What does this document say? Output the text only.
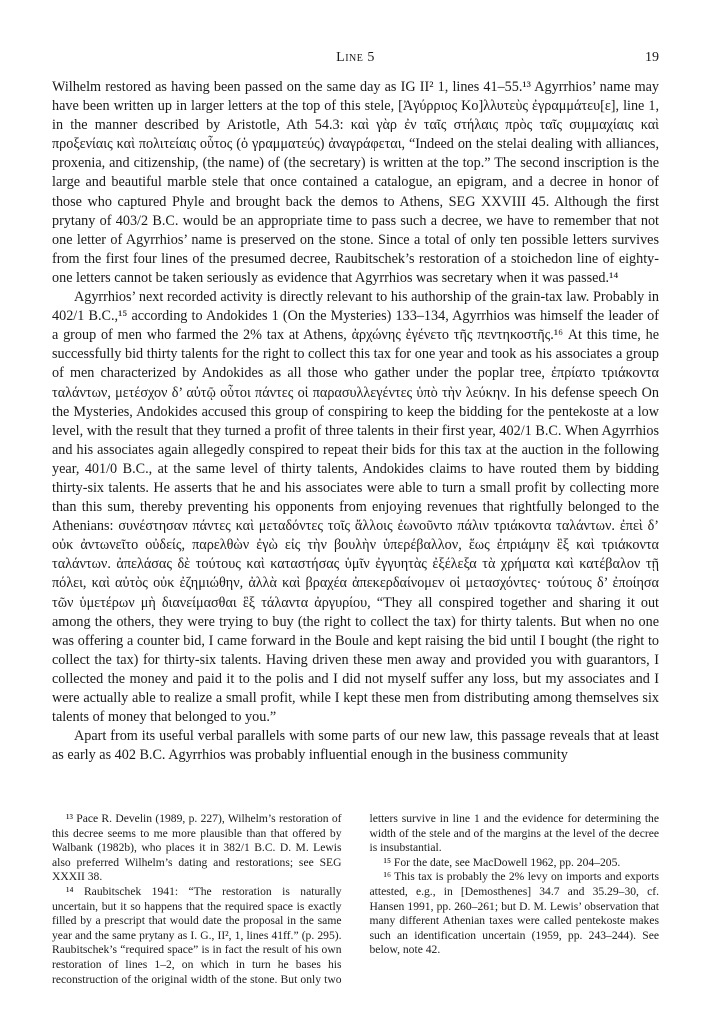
Line 5	19

Wilhelm restored as having been passed on the same day as IG II² 1, lines 41–55.¹³ Agyrrhios’ name may have been written up in larger letters at the top of this stele, [Ἀγύρριος Κο]λλυτεὺς ἐγραμμάτευ[ε], line 1, in the manner described by Aristotle, Ath 54.3: καὶ γὰρ ἐν ταῖς στήλαις πρὸς ταῖς συμμαχίαις καὶ προξενίαις καὶ πολιτείαις οὗτος (ὁ γραμματεύς) ἀναγράφεται, “Indeed on the stelai dealing with alliances, proxenia, and citizenship, (the name) of (the secretary) is written at the top.” The second inscription is the large and beautiful marble stele that once contained a catalogue, an epigram, and a decree in honor of those who captured Phyle and brought back the demos to Athens, SEG XXVIII 45. Although the first prytany of 403/2 B.C. would be an appropriate time to pass such a decree, we have to remember that not one letter of Agyrrhios’ name is preserved on the stone. Since a total of only ten possible letters survives from the first four lines of the presumed decree, Raubitschek’s restoration of a stoichedon line of eighty-one letters cannot be taken seriously as evidence that Agyrrhios was secretary when it was passed.¹⁴

Agyrrhios’ next recorded activity is directly relevant to his authorship of the grain-tax law. Probably in 402/1 B.C.,¹⁵ according to Andokides 1 (On the Mysteries) 133–134, Agyrrhios was himself the leader of a group of men who farmed the 2% tax at Athens, ἀρχώνης ἐγένετο τῆς πεντηκοστῆς.¹⁶ At this time, he successfully bid thirty talents for the right to collect this tax for one year and took as his associates a group of men characterized by Andokides as all those who gather under the poplar tree, ἐπρίατο τριάκοντα ταλάντων, μετέσχον δ’ αὐτῷ οὗτοι πάντες οἱ παρασυλλεγέντες ὑπὸ τὴν λεύκην. In his defense speech On the Mysteries, Andokides accused this group of conspiring to keep the bidding for the pentekoste at a low level, with the result that they turned a profit of three talents in their first year, 402/1 B.C. When Agyrrhios and his associates again allegedly conspired to repeat their bids for this tax at the auction in the following year, 401/0 B.C., at the same level of thirty talents, Andokides claims to have routed them by bidding thirty-six talents. He asserts that he and his associates were able to turn a small profit by collecting more than this sum, thereby preventing his opponents from enjoying revenues that rightfully belonged to the Athenians: συνέστησαν πάντες καὶ μεταδόντες τοῖς ἄλλοις ἐωνοῦντο πάλιν τριάκοντα ταλάντων. ἐπεὶ δ’ οὐκ ἀντωνεῖτο οὐδείς, παρελθὼν ἐγὼ εἰς τὴν βουλὴν ὑπερέβαλλον, ἕως ἐπριάμην ἓξ καὶ τριάκοντα ταλάντων. ἀπελάσας δὲ τούτους καὶ καταστήσας ὑμῖν ἐγγυητὰς ἐξέλεξα τὰ χρήματα καὶ κατέβαλον τῇ πόλει, καὶ αὐτὸς οὐκ ἐζημιώθην, ἀλλὰ καὶ βραχέα ἀπεκερδαίνομεν οἱ μετασχόντες· τούτους δ’ ἐποίησα τῶν ὑμετέρων μὴ διανείμασθαι ἓξ τάλαντα ἀργυρίου, “They all conspired together and sharing it out among the others, they were trying to buy (the right to collect the tax) for thirty talents. But when no one was offering a counter bid, I came forward in the Boule and kept raising the bid until I bought (the right to collect the tax) for thirty-six talents. Having driven these men away and provided you with guarantors, I collected the money and paid it to the polis and I did not myself suffer any loss, but my associates and I were actually able to realize a small profit, while I kept these men from distributing among themselves six talents of money that belonged to you.”

Apart from its useful verbal parallels with some parts of our new law, this passage reveals that at least as early as 402 B.C. Agyrrhios was probably influential enough in the business community

¹³ Pace R. Develin (1989, p. 227), Wilhelm’s restoration of this decree seems to me more plausible than that offered by Walbank (1982b), who places it in 382/1 B.C. D. M. Lewis also preferred Wilhelm’s dating and restorations; see SEG XXXII 38.

¹⁴ Raubitschek 1941: “The restoration is naturally uncertain, but it so happens that the required space is exactly filled by a prescript that would date the proposal in the same year and the same prytany as I. G., II², 1, lines 41ff.” (p. 295). Raubitschek’s “required space” is in fact the result of his own restoration of lines 1–2, on which in turn he bases his reconstruction of the original width of the stone. But only two letters survive in line 1 and the evidence for determining the width of the stele and of the margins at the level of the decree is insubstantial.

¹⁵ For the date, see MacDowell 1962, pp. 204–205.

¹⁶ This tax is probably the 2% levy on imports and exports attested, e.g., in [Demosthenes] 34.7 and 35.29–30, cf. Hansen 1991, pp. 260–261; but D. M. Lewis’ observation that many different Athenian taxes were called pentekoste makes such an identification uncertain (1959, pp. 243–244). See below, note 42.
